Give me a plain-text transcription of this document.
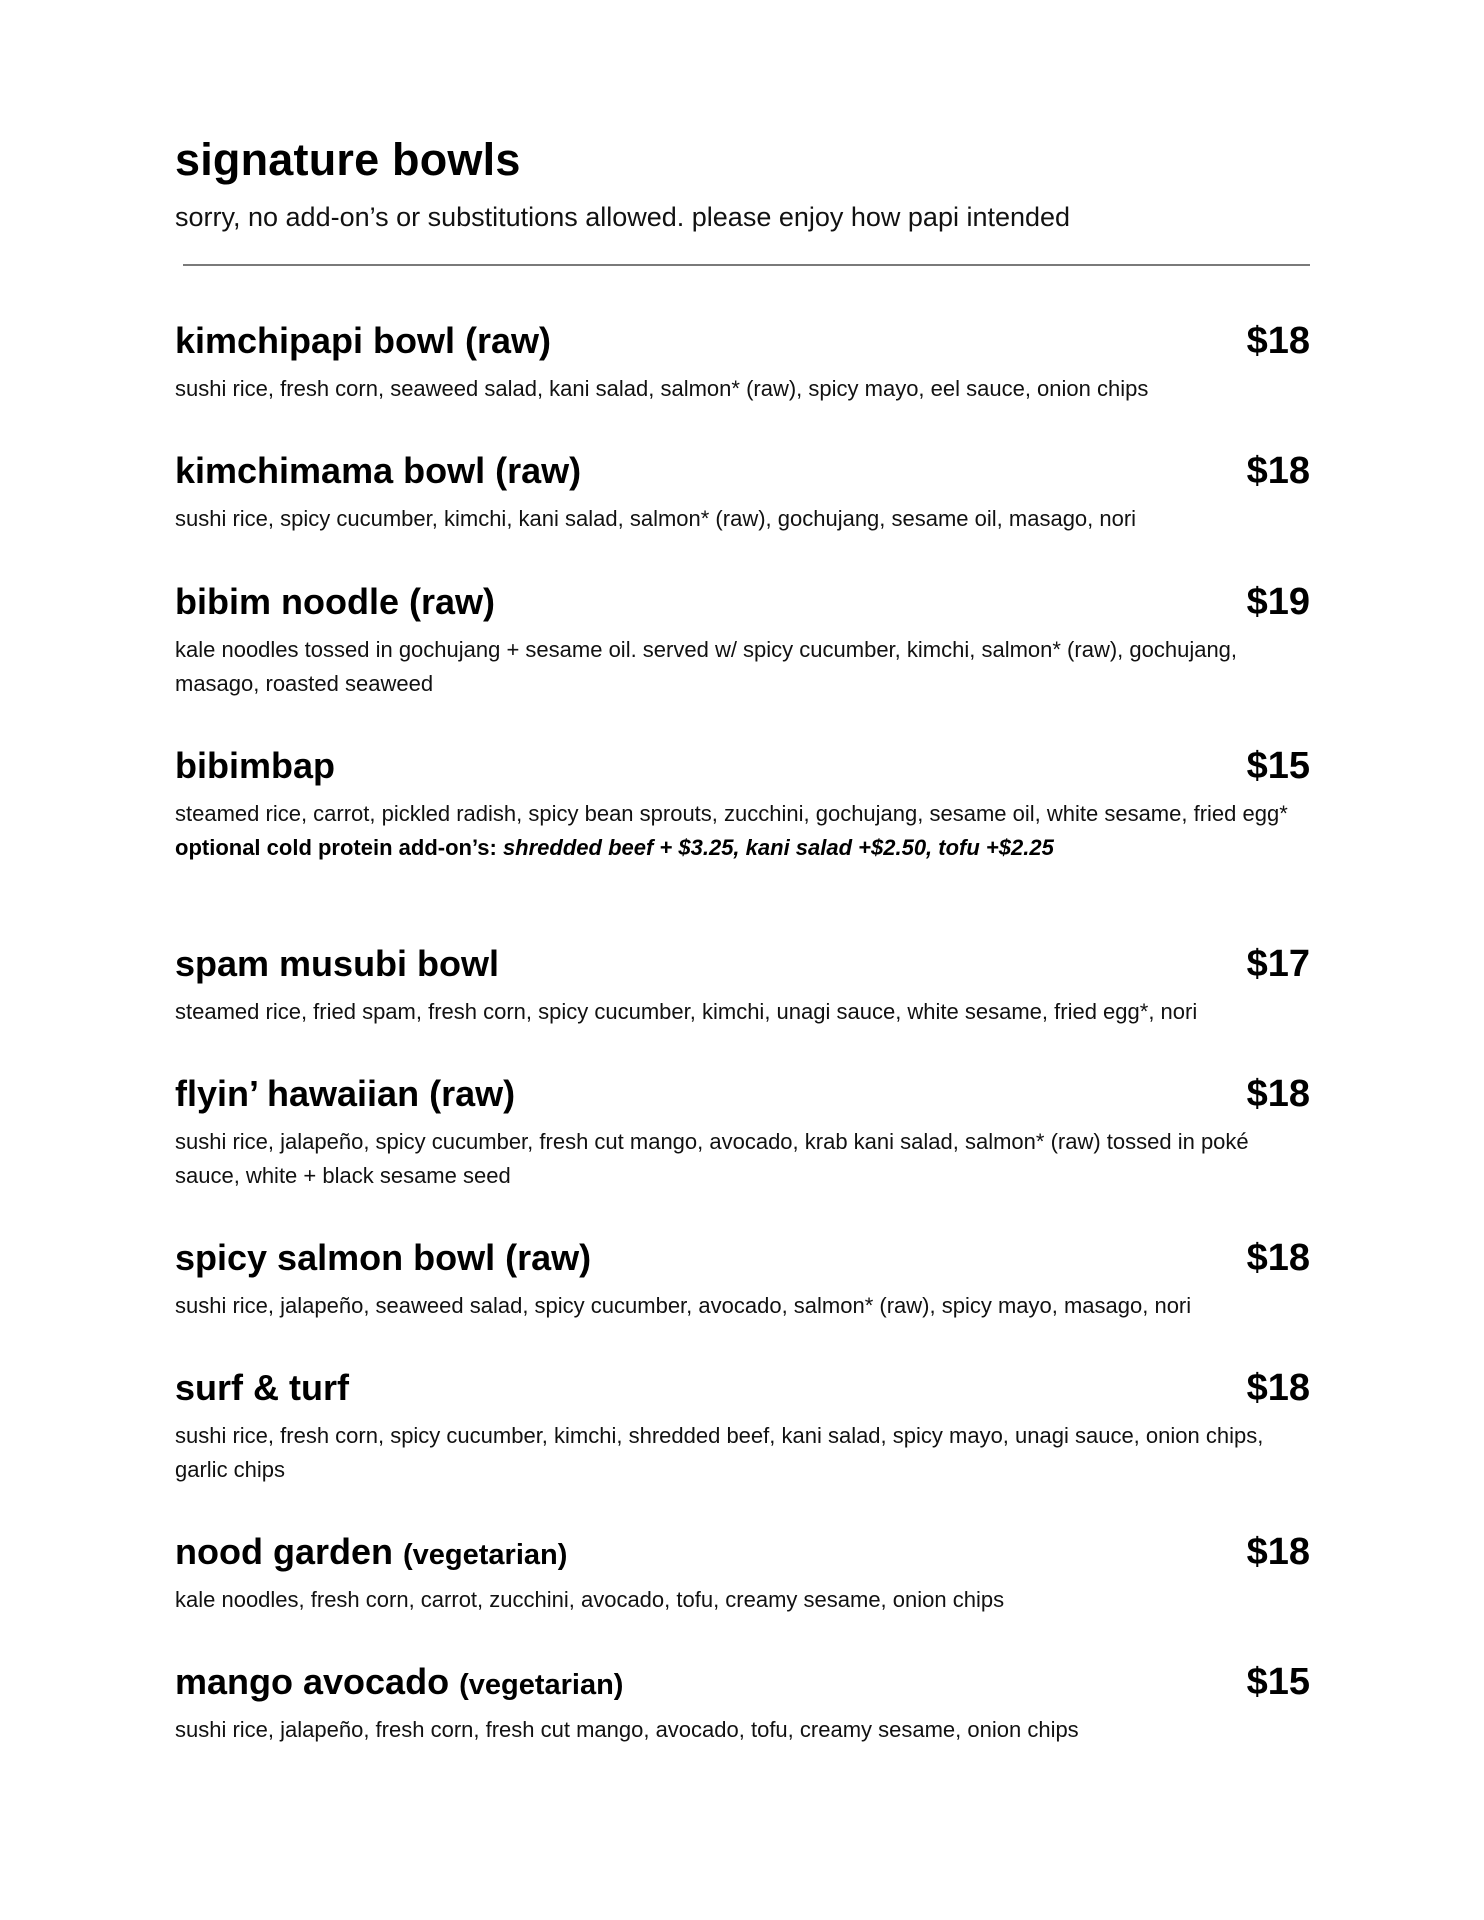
signature bowls
sorry, no add-on’s or substitutions allowed. please enjoy how papi intended
kimchipapi bowl (raw)	$18
sushi rice, fresh corn, seaweed salad, kani salad, salmon* (raw), spicy mayo, eel sauce, onion chips
kimchimama bowl (raw)	$18
sushi rice, spicy cucumber, kimchi, kani salad, salmon* (raw), gochujang, sesame oil, masago, nori
bibim noodle (raw)	$19
kale noodles tossed in gochujang + sesame oil. served w/ spicy cucumber, kimchi, salmon* (raw), gochujang, masago, roasted seaweed
bibimbap	$15
steamed rice, carrot, pickled radish, spicy bean sprouts, zucchini, gochujang, sesame oil, white sesame, fried egg*
optional cold protein add-on’s: shredded beef + $3.25, kani salad +$2.50, tofu +$2.25
spam musubi bowl	$17
steamed rice, fried spam, fresh corn, spicy cucumber, kimchi, unagi sauce, white sesame, fried egg*, nori
flyin’ hawaiian (raw)	$18
sushi rice, jalapeño, spicy cucumber, fresh cut mango, avocado, krab kani salad, salmon* (raw) tossed in poké sauce, white + black sesame seed
spicy salmon bowl (raw)	$18
sushi rice, jalapeño, seaweed salad, spicy cucumber, avocado, salmon* (raw), spicy mayo, masago, nori
surf & turf	$18
sushi rice, fresh corn, spicy cucumber, kimchi, shredded beef, kani salad, spicy mayo, unagi sauce, onion chips, garlic chips
nood garden (vegetarian)	$18
kale noodles, fresh corn, carrot, zucchini, avocado, tofu, creamy sesame, onion chips
mango avocado (vegetarian)	$15
sushi rice, jalapeño, fresh corn, fresh cut mango, avocado, tofu, creamy sesame, onion chips
